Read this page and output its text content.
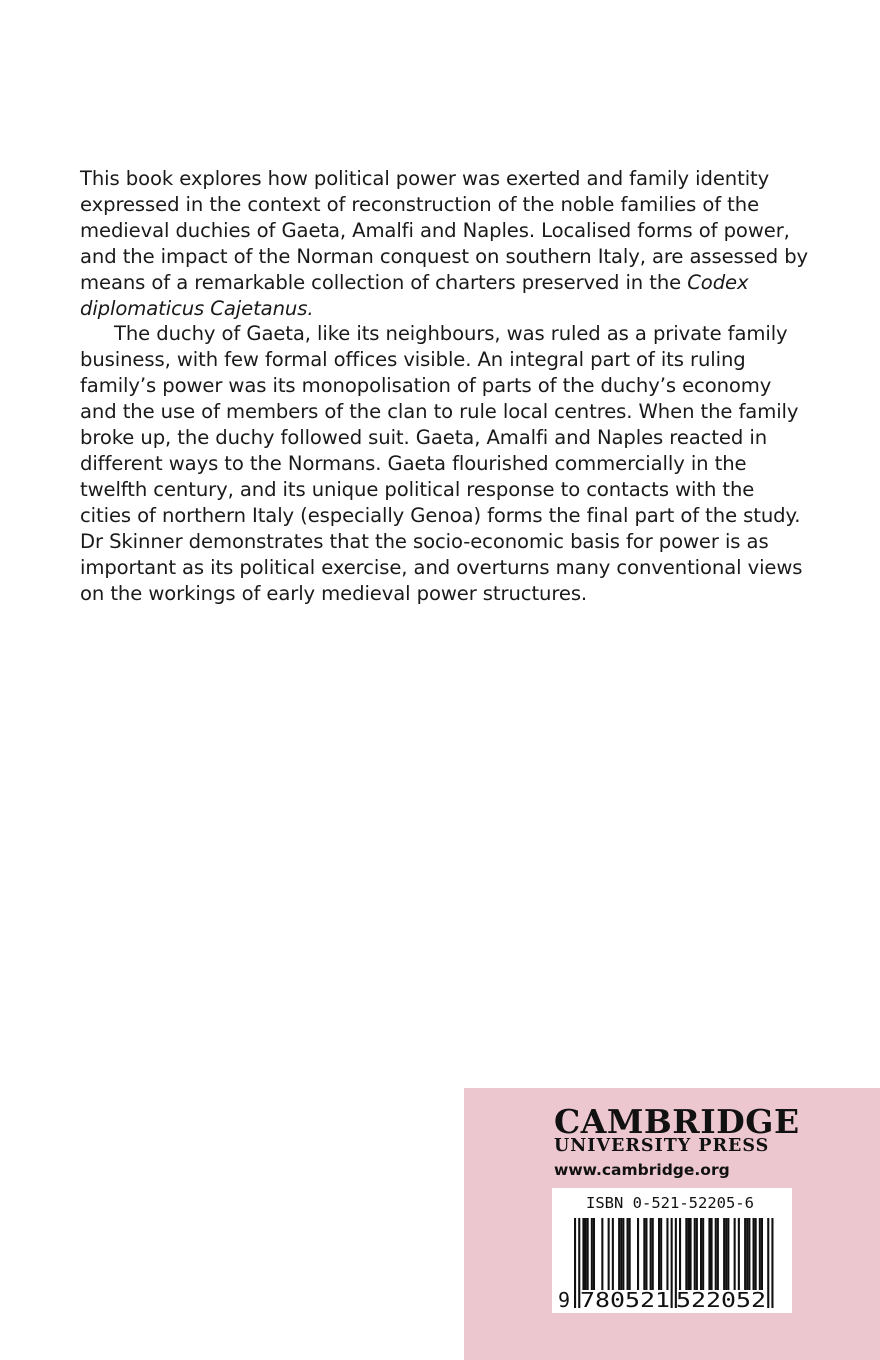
This book explores how political power was exerted and family identity expressed in the context of reconstruction of the noble families of the medieval duchies of Gaeta, Amalfi and Naples. Localised forms of power, and the impact of the Norman conquest on southern Italy, are assessed by means of a remarkable collection of charters preserved in the Codex diplomaticus Cajetanus.

The duchy of Gaeta, like its neighbours, was ruled as a private family business, with few formal offices visible. An integral part of its ruling family’s power was its monopolisation of parts of the duchy’s economy and the use of members of the clan to rule local centres. When the family broke up, the duchy followed suit. Gaeta, Amalfi and Naples reacted in different ways to the Normans. Gaeta flourished commercially in the twelfth century, and its unique political response to contacts with the cities of northern Italy (especially Genoa) forms the final part of the study. Dr Skinner demonstrates that the socio-economic basis for power is as important as its political exercise, and overturns many conventional views on the workings of early medieval power structures.

CAMBRIDGE
UNIVERSITY PRESS
www.cambridge.org
9 780521 522052
ISBN 0-521-52205-6
